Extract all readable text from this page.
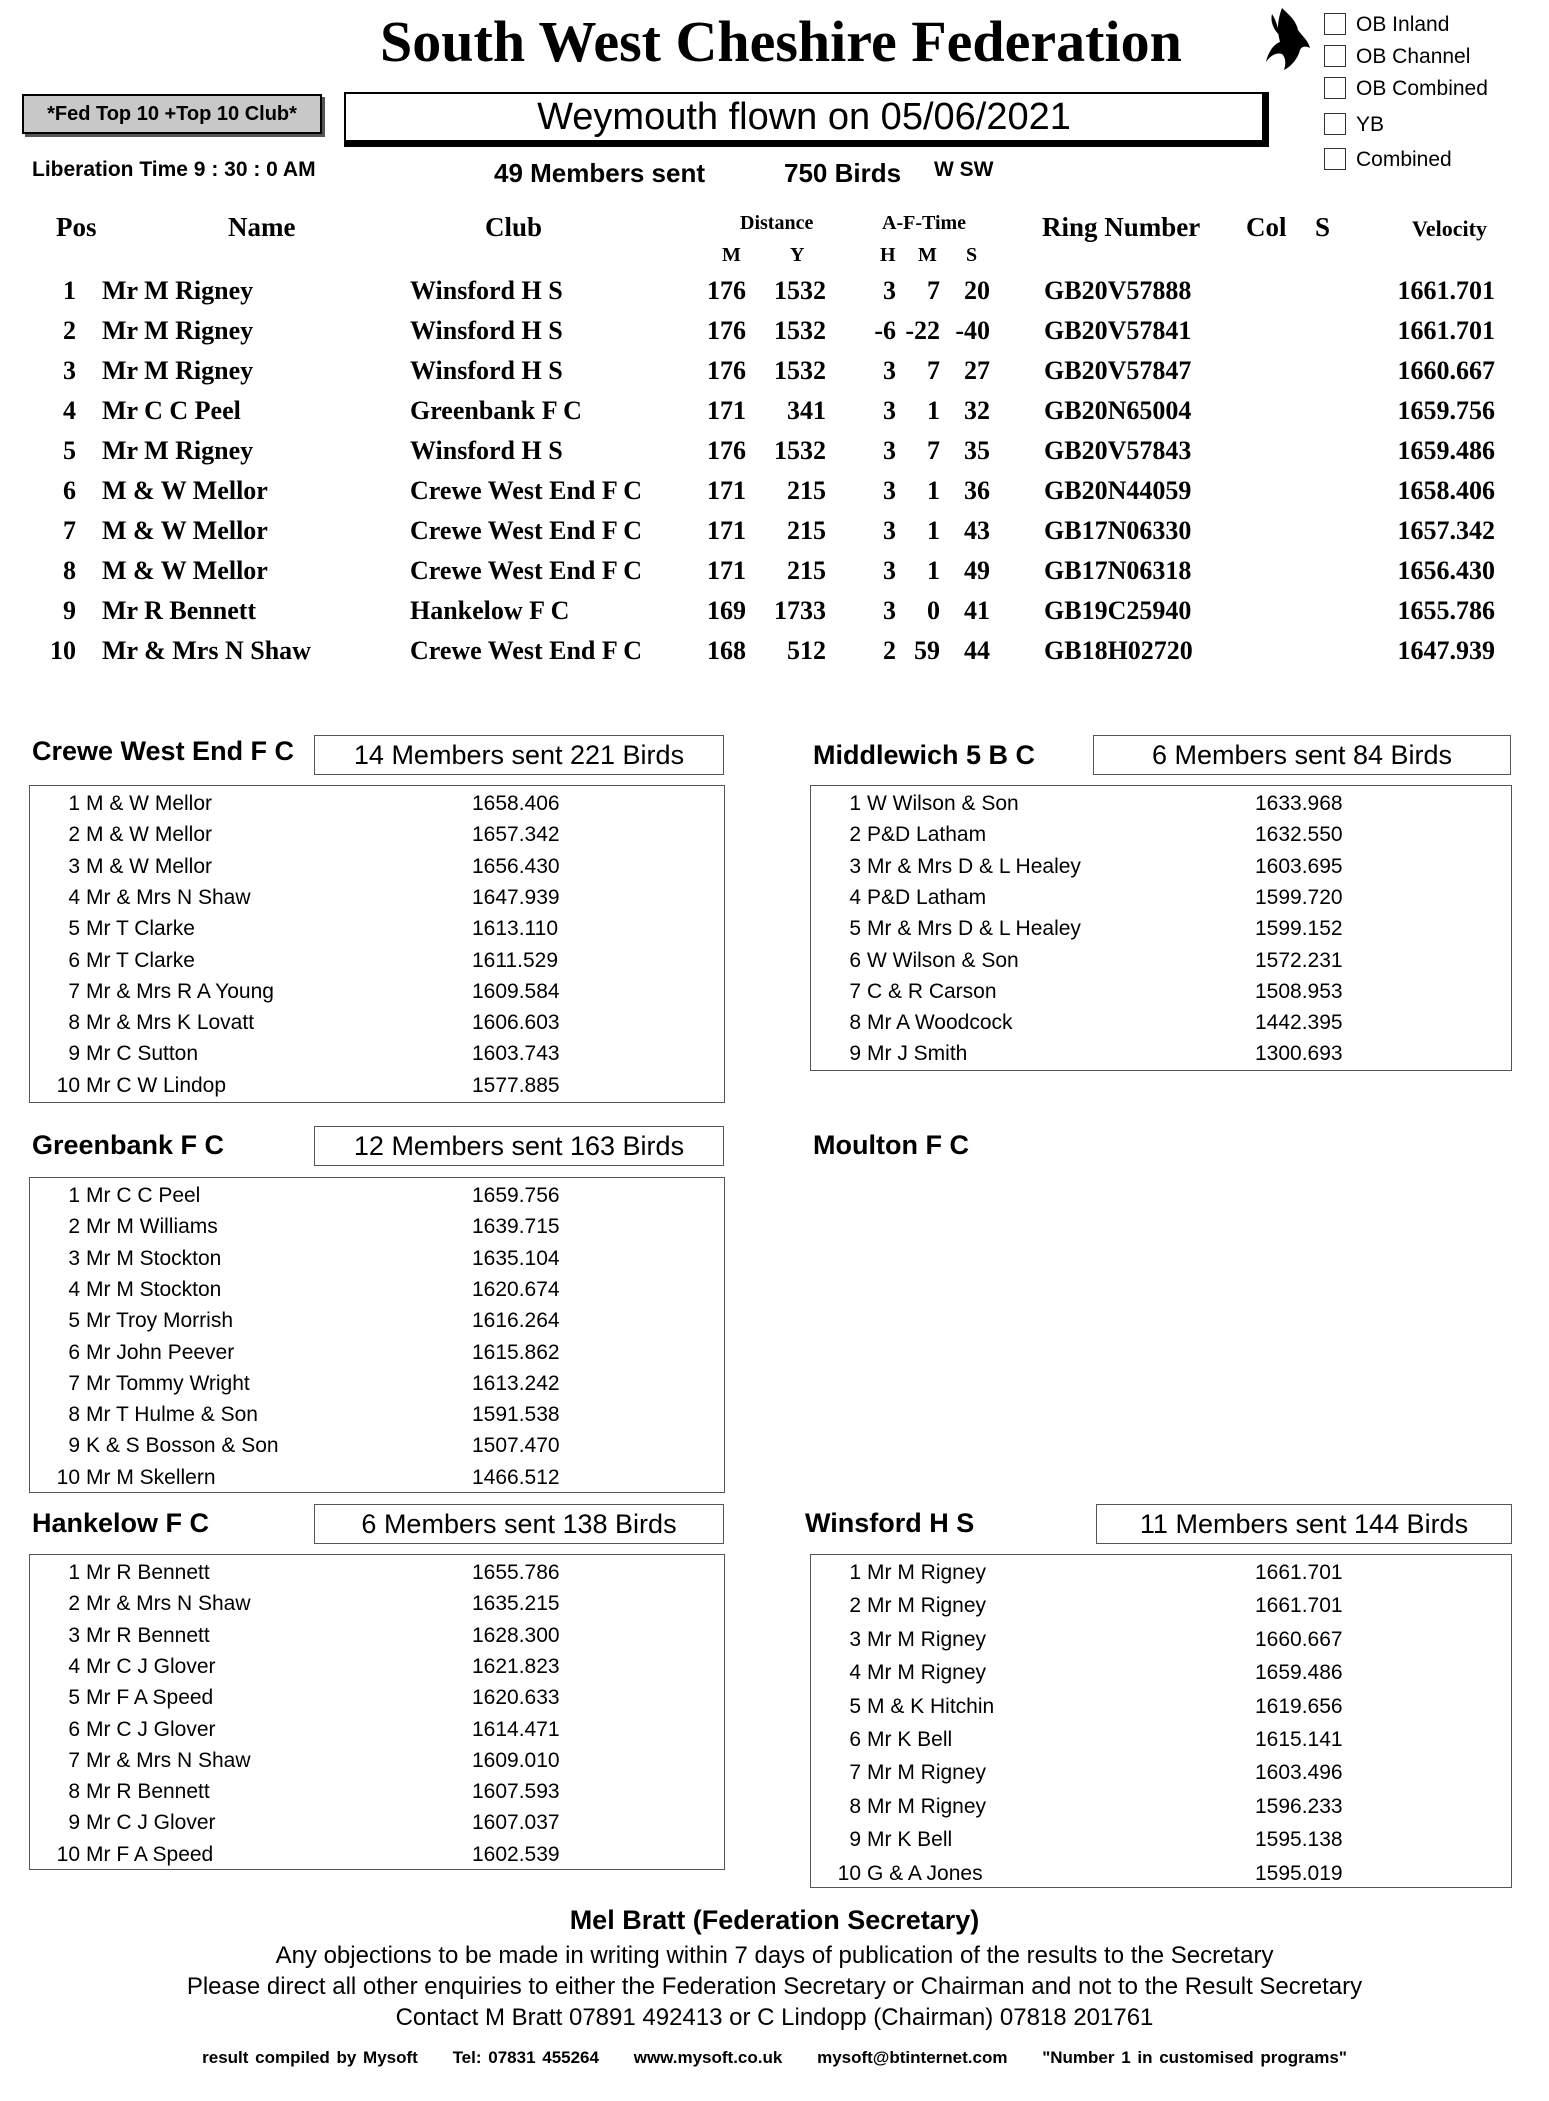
South West Cheshire Federation	OB Inland
OB Channel
OB Combined
YB
Combined
*Fed Top 10 +Top 10 Club*	Weymouth flown on 05/06/2021
Liberation Time 9 : 30 : 0 AM	49 Members sent	750 Birds W SW
Pos	Name	Club	Distance
M Y
A-F-Time
H M S
Ring Number Col S	Velocity
1 Mr M Rigney	Winsford H S	176	1532	3	7 20 GB20V57888	1661.701
2 Mr M Rigney	Winsford H S	176	1532	-6 -22 -40 GB20V57841	1661.701
3 Mr M Rigney	Winsford H S	176	1532	3	7 27 GB20V57847	1660.667
4 Mr C C Peel	Greenbank F C	171	341	3	1 32 GB20N65004	1659.756
5 Mr M Rigney	Winsford H S	176	1532	3	7 35 GB20V57843	1659.486
6 M & W Mellor	Crewe West End F C	171	215	3	1 36 GB20N44059	1658.406
7 M & W Mellor	Crewe West End F C	171	215	3	1 43 GB17N06330	1657.342
8 M & W Mellor	Crewe West End F C	171	215	3	1 49 GB17N06318	1656.430
9 Mr R Bennett	Hankelow F C	169	1733	3	0 41 GB19C25940	1655.786
10 Mr & Mrs N Shaw	Crewe West End F C	168	512	2 59 44 GB18H02720	1647.939
Crewe West End F C	14 Members sent 221 Birds
1 M & W Mellor	1658.406
2 M & W Mellor	1657.342
3 M & W Mellor	1656.430
4 Mr & Mrs N Shaw	1647.939
5 Mr T Clarke	1613.110
6 Mr T Clarke	1611.529
7 Mr & Mrs R A Young	1609.584
8 Mr & Mrs K Lovatt	1606.603
9 Mr C Sutton	1603.743
10 Mr C W Lindop	1577.885
Middlewich 5 B C	6 Members sent 84 Birds
1 W Wilson & Son	1633.968
2 P&D Latham	1632.550
3 Mr & Mrs D & L Healey	1603.695
4 P&D Latham	1599.720
5 Mr & Mrs D & L Healey	1599.152
6 W Wilson & Son	1572.231
7 C & R Carson	1508.953
8 Mr A Woodcock	1442.395
9 Mr J Smith	1300.693
Greenbank F C	12 Members sent 163 Birds
1 Mr C C Peel	1659.756
2 Mr M Williams	1639.715
3 Mr M Stockton	1635.104
4 Mr M Stockton	1620.674
5 Mr Troy Morrish	1616.264
6 Mr John Peever	1615.862
7 Mr Tommy Wright	1613.242
8 Mr T Hulme & Son	1591.538
9 K & S Bosson & Son	1507.470
10 Mr M Skellern	1466.512
Moulton F C
Hankelow F C	6 Members sent 138 Birds
1 Mr R Bennett	1655.786
2 Mr & Mrs N Shaw	1635.215
3 Mr R Bennett	1628.300
4 Mr C J Glover	1621.823
5 Mr F A Speed	1620.633
6 Mr C J Glover	1614.471
7 Mr & Mrs N Shaw	1609.010
8 Mr R Bennett	1607.593
9 Mr C J Glover	1607.037
10 Mr F A Speed	1602.539
Winsford H S	11 Members sent 144 Birds
1 Mr M Rigney	1661.701
2 Mr M Rigney	1661.701
3 Mr M Rigney	1660.667
4 Mr M Rigney	1659.486
5 M & K Hitchin	1619.656
6 Mr K Bell	1615.141
7 Mr M Rigney	1603.496
8 Mr M Rigney	1596.233
9 Mr K Bell	1595.138
10 G & A Jones	1595.019
Mel Bratt (Federation Secretary)
Any objections to be made in writing within 7 days of publication of the results to the Secretary
Please direct all other enquiries to either the Federation Secretary or Chairman and not to the Result Secretary
Contact M Bratt 07891 492413 or C Lindopp (Chairman) 07818 201761
result compiled by Mysoft Tel: 07831 455264 www.mysoft.co.uk mysoft@btinternet.com "Number 1 in customised programs"
